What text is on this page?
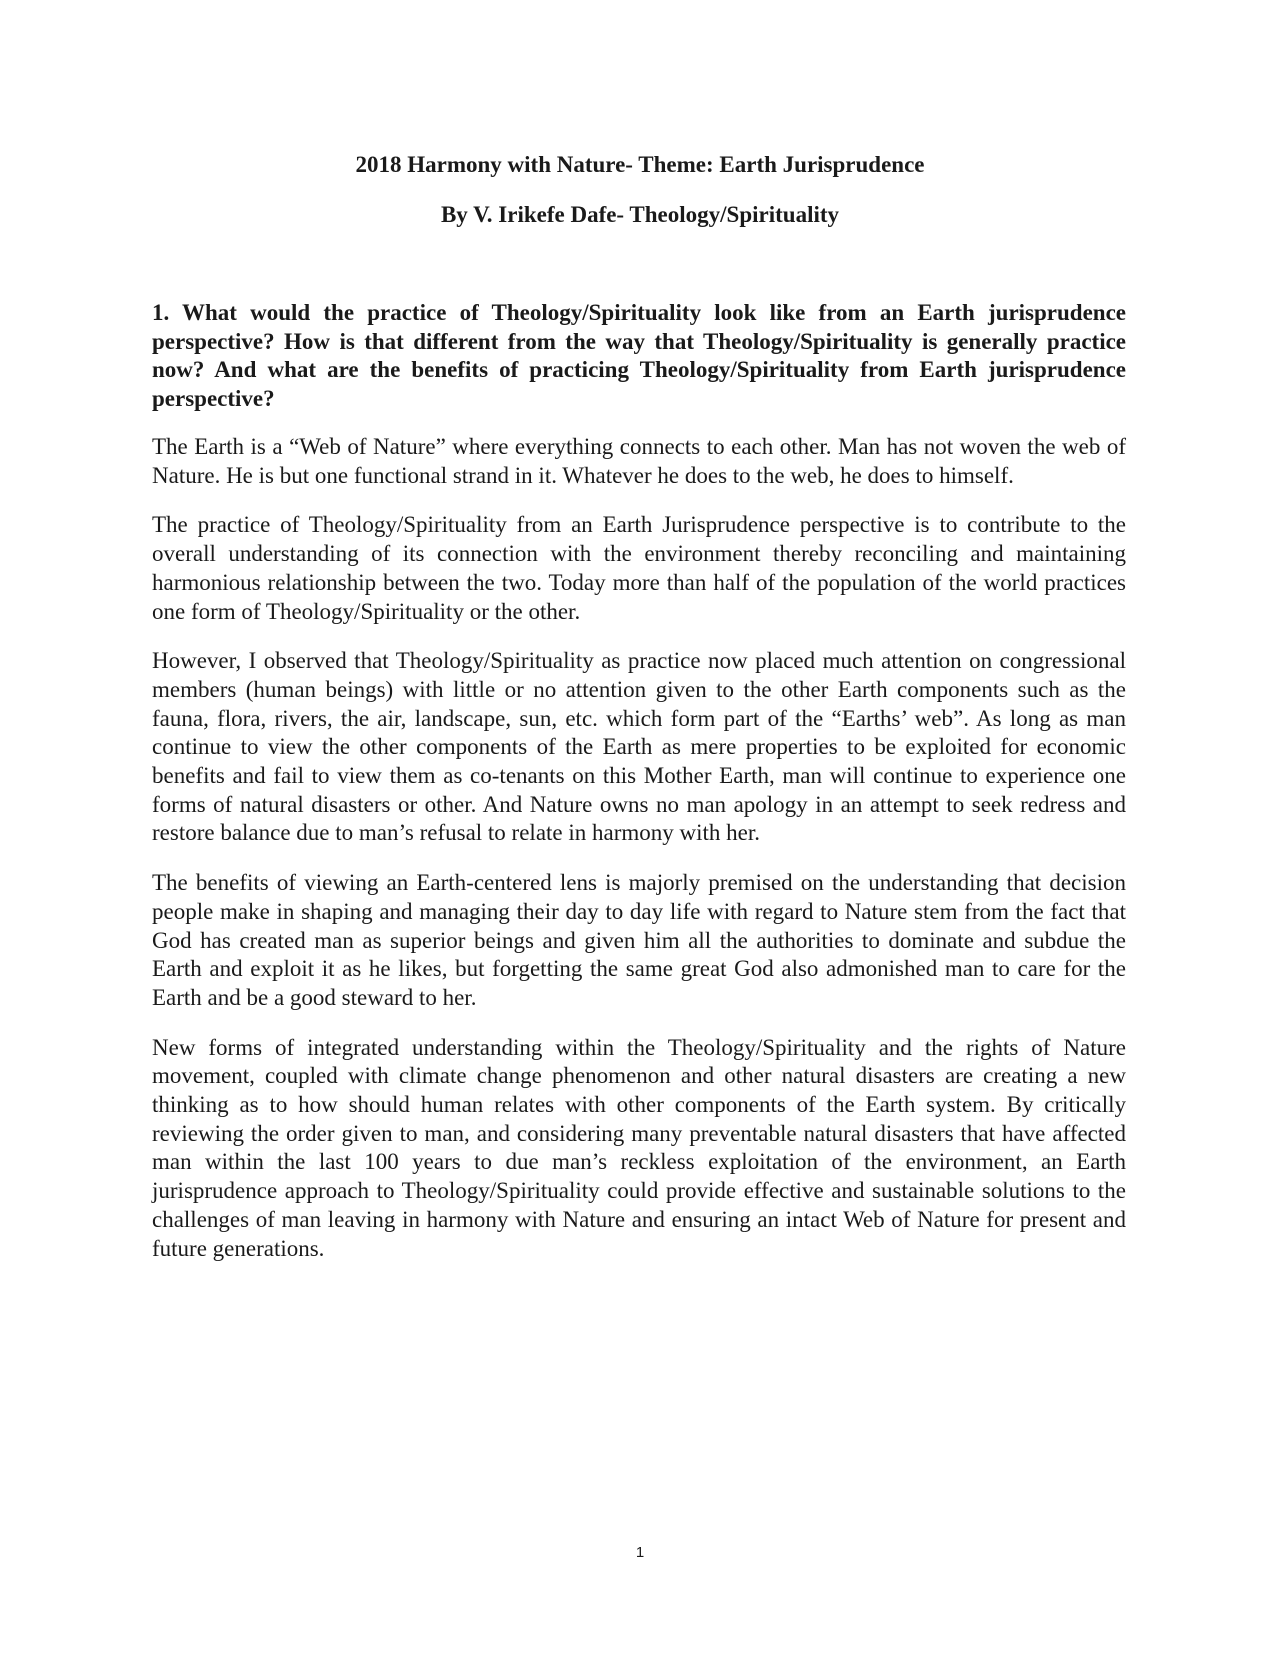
2018 Harmony with Nature- Theme: Earth Jurisprudence
By V. Irikefe Dafe- Theology/Spirituality

1. What would the practice of Theology/Spirituality look like from an Earth jurisprudence perspective? How is that different from the way that Theology/Spirituality is generally practice now? And what are the benefits of practicing Theology/Spirituality from Earth jurisprudence perspective?

The Earth is a “Web of Nature” where everything connects to each other. Man has not woven the web of Nature. He is but one functional strand in it. Whatever he does to the web, he does to himself.

The practice of Theology/Spirituality from an Earth Jurisprudence perspective is to contribute to the overall understanding of its connection with the environment thereby reconciling and maintaining harmonious relationship between the two. Today more than half of the population of the world practices one form of Theology/Spirituality or the other.

However, I observed that Theology/Spirituality as practice now placed much attention on congressional members (human beings) with little or no attention given to the other Earth components such as the fauna, flora, rivers, the air, landscape, sun, etc. which form part of the “Earths’ web”. As long as man continue to view the other components of the Earth as mere properties to be exploited for economic benefits and fail to view them as co-tenants on this Mother Earth, man will continue to experience one forms of natural disasters or other. And Nature owns no man apology in an attempt to seek redress and restore balance due to man’s refusal to relate in harmony with her.

The benefits of viewing an Earth-centered lens is majorly premised on the understanding that decision people make in shaping and managing their day to day life with regard to Nature stem from the fact that God has created man as superior beings and given him all the authorities to dominate and subdue the Earth and exploit it as he likes, but forgetting the same great God also admonished man to care for the Earth and be a good steward to her.

New forms of integrated understanding within the Theology/Spirituality and the rights of Nature movement, coupled with climate change phenomenon and other natural disasters are creating a new thinking as to how should human relates with other components of the Earth system. By critically reviewing the order given to man, and considering many preventable natural disasters that have affected man within the last 100 years to due man’s reckless exploitation of the environment, an Earth jurisprudence approach to Theology/Spirituality could provide effective and sustainable solutions to the challenges of man leaving in harmony with Nature and ensuring an intact Web of Nature for present and future generations.

1
